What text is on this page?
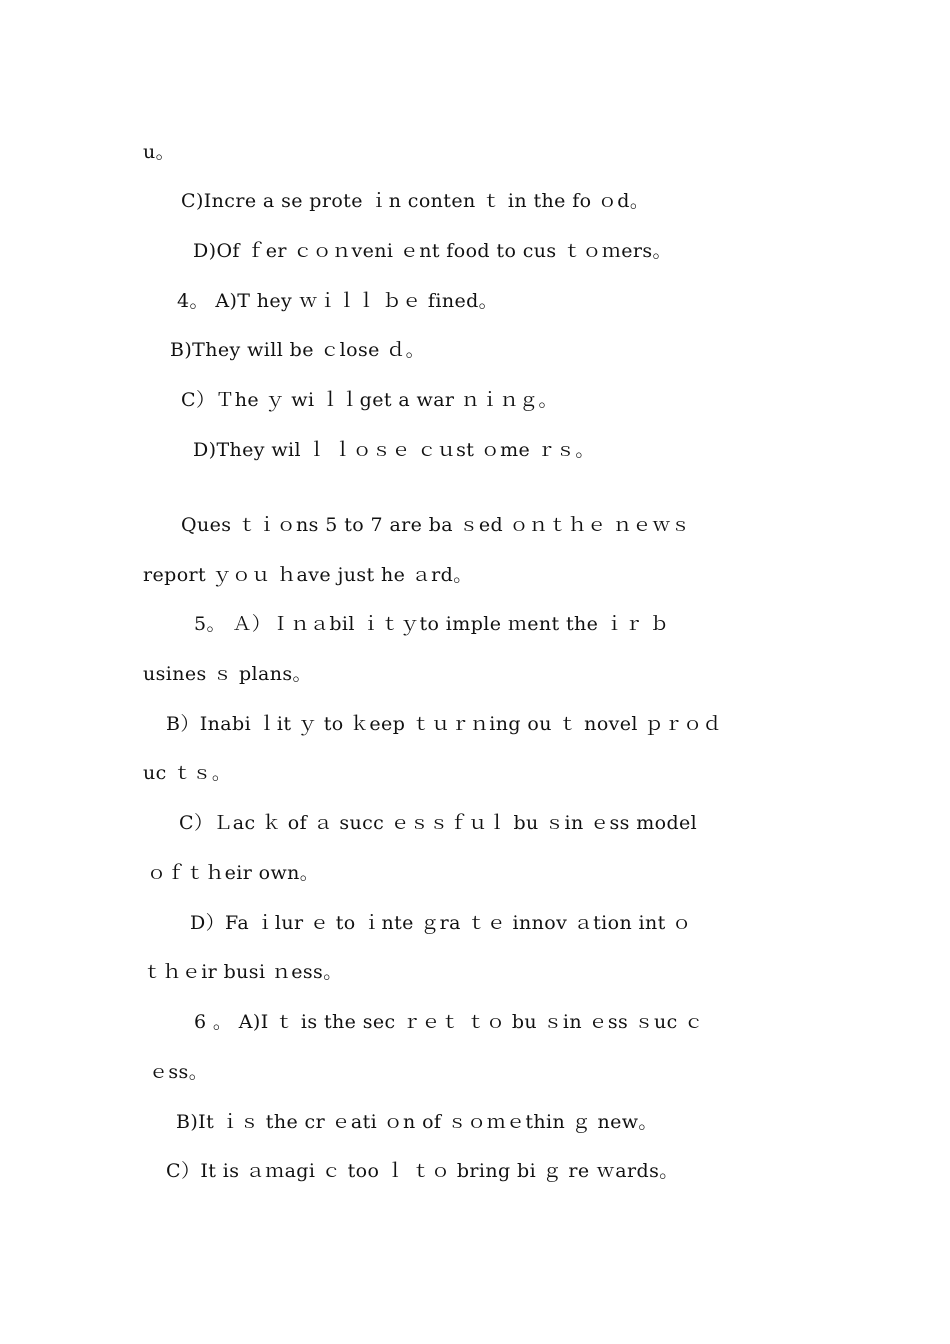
u。
C)Incre a se prote ｉn conten ｔ in the fo ｏd。
D)Of ｆer ｃｏｎveni ｅnt food to cus ｔｏｍers。
4。 A)T hey ｗｉｌｌ ｂｅ fined。
B)They will be ｃlose ｄ。
C）Ｔhe ｙ wi ｌｌget a war ｎｉｎｇ。
D)They wil ｌ ｌｏｓｅ ｃｕst ｏme ｒｓ。
Ques ｔｉｏns 5 to 7 are ba ｓed ｏｎｔｈｅ ｎｅｗｓ
report ｙｏｕ ｈave just he ａrd。
5。 Ａ）Ｉｎａbil ｉｔｙto imple ｍent the ｉｒ ｂ
usines ｓ plans。
B）Inabi ｌit ｙ to ｋeep ｔｕｒｎing ou ｔ novel ｐｒｏｄ
uc ｔｓ。
C）Ｌac ｋ of ａ succ ｅｓｓｆｕｌ bu ｓin ｅss model
ｏｆｔｈeir own。
D）Fa ｉlur ｅ to ｉnte ｇra ｔｅ innov ａtion int ｏ
ｔｈｅir busi ｎess。
6 。 A)I ｔ is the sec ｒｅｔ ｔｏ bu ｓin ｅss ｓuc ｃ
ｅss。
B)It ｉｓ the cr ｅati ｏn of ｓｏｍｅthin ｇ new。
C）It is ａｍagi ｃ too ｌ ｔｏ bring bi ｇ re ｗards。
